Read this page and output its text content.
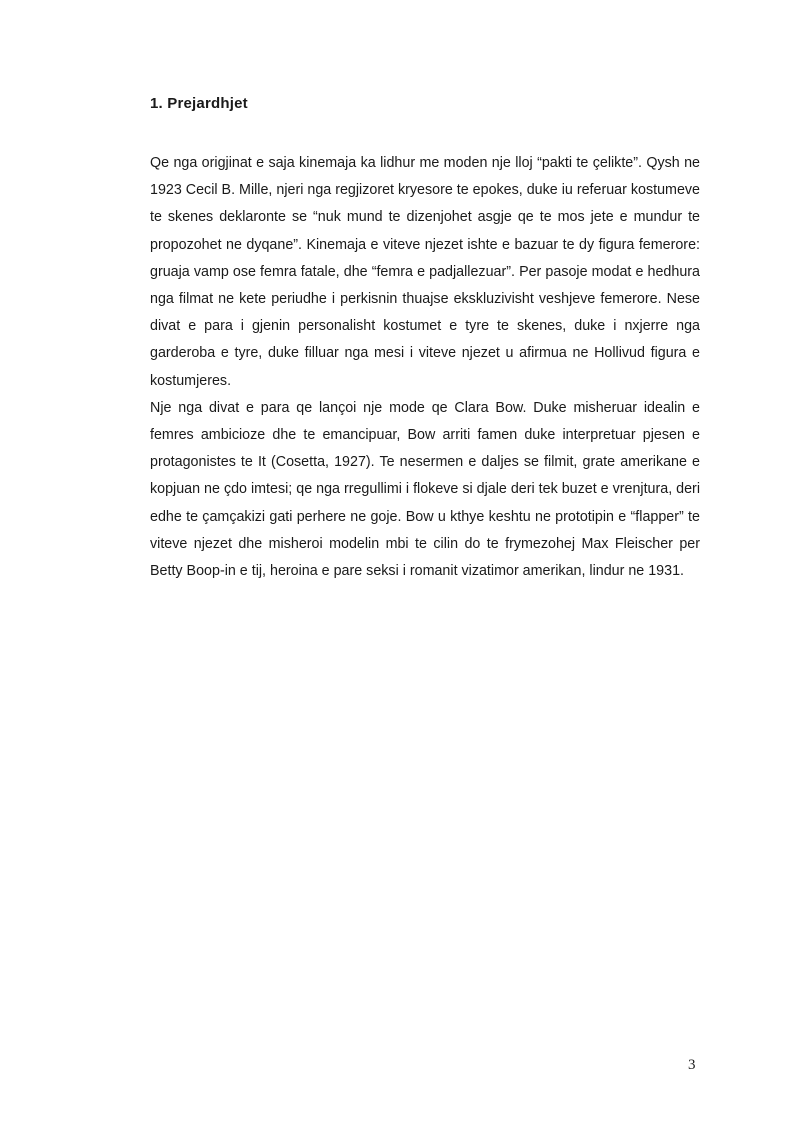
1. Prejardhjet

Qe nga origjinat e saja kinemaja ka lidhur me moden nje lloj “pakti te çelikte”. Qysh ne 1923 Cecil B. Mille, njeri nga regjizoret kryesore te epokes, duke iu referuar kostumeve te skenes deklaronte se “nuk mund te dizenjohet asgje qe te mos jete e mundur te propozohet ne dyqane”. Kinemaja e viteve njezet ishte e bazuar te dy figura femerore: gruaja vamp ose femra fatale, dhe “femra e padjallezuar”. Per pasoje modat e hedhura nga filmat ne kete periudhe i perkisnin thuajse ekskluzivisht veshjeve femerore. Nese divat e para i gjenin personalisht kostumet e tyre te skenes, duke i nxjerre nga garderoba e tyre, duke filluar nga mesi i viteve njezet u afirmua ne Hollivud figura e kostumjeres.

Nje nga divat e para qe lançoi nje mode qe Clara Bow. Duke misheruar idealin e femres ambicioze dhe te emancipuar, Bow arriti famen duke interpretuar pjesen e protagonistes te It (Cosetta, 1927). Te nesermen e daljes se filmit, grate amerikane e kopjuan ne çdo imtesi; qe nga rregullimi i flokeve si djale deri tek buzet e vrenjtura, deri edhe te çamçakizi gati perhere ne goje. Bow u kthye keshtu ne prototipin e “flapper” te viteve njezet dhe misheroi modelin mbi te cilin do te frymezohej Max Fleischer per Betty Boop-in e tij, heroina e pare seksi i romanit vizatimor amerikan, lindur ne 1931.

3
